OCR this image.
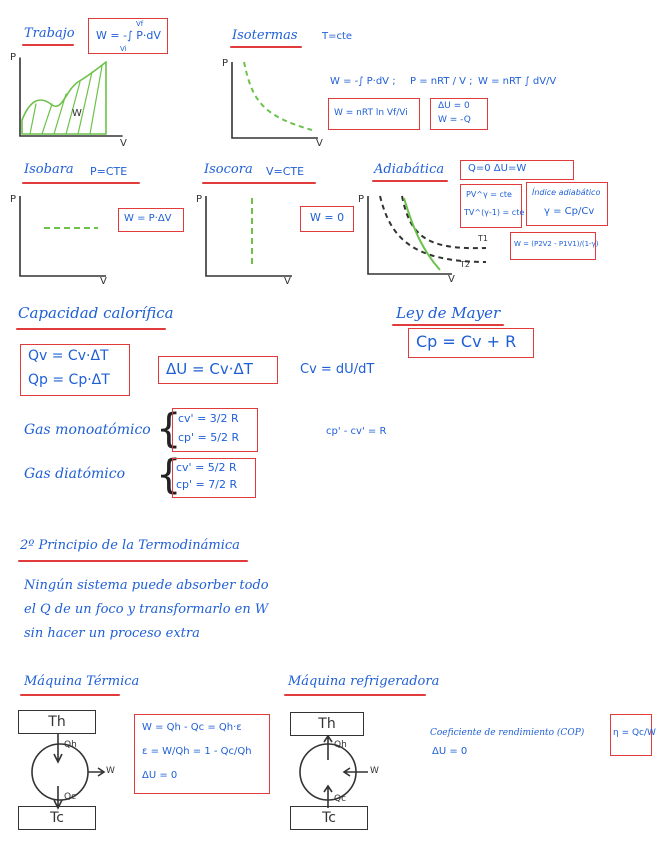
Trabajo W = -∫ P·dV
Vf
Vi
P
V
W
Isotermas T=cte
P
V
W = -∫ P·dV ; P = nRT / V ; W = nRT ∫ dV/V
W = nRT ln Vf/Vi
ΔU = 0
W = -Q
Isobara P=CTE
P
V
W = P·ΔV
Isocora V=CTE
P
V
W = 0
Adiabática Q=0 ΔU=W
PV^γ = cte
TV^(γ-1) = cte
Índice adiabático
γ = Cp/Cv
W = (P2V2 - P1V1)/(1-γ)
P
V
T1
T2
Capacidad calorífica
Qv = Cv·ΔT
Qp = Cp·ΔT
ΔU = Cv·ΔT	Cv = dU/dT
Gas monoatómico {
cv' = 3/2 R
cp' = 5/2 R	cp' - cv' = R
Gas diatómico {
cv' = 5/2 R
cp' = 7/2 R
Ley de Mayer
Cp = Cv + R
2º Principio de la Termodinámica
Ningún sistema puede absorber todo
el Q de un foco y transformarlo en W
sin hacer un proceso extra
Máquina Térmica
Th
Tc
Qh
Qc
W
W = Qh - Qc = Qh·ε
ε = W/Qh = 1 - Qc/Qh
ΔU = 0
Máquina refrigeradora
Th
Tc
Qh
Qc
W
Coeficiente de rendimiento (COP)
ΔU = 0
η = Qc/W
